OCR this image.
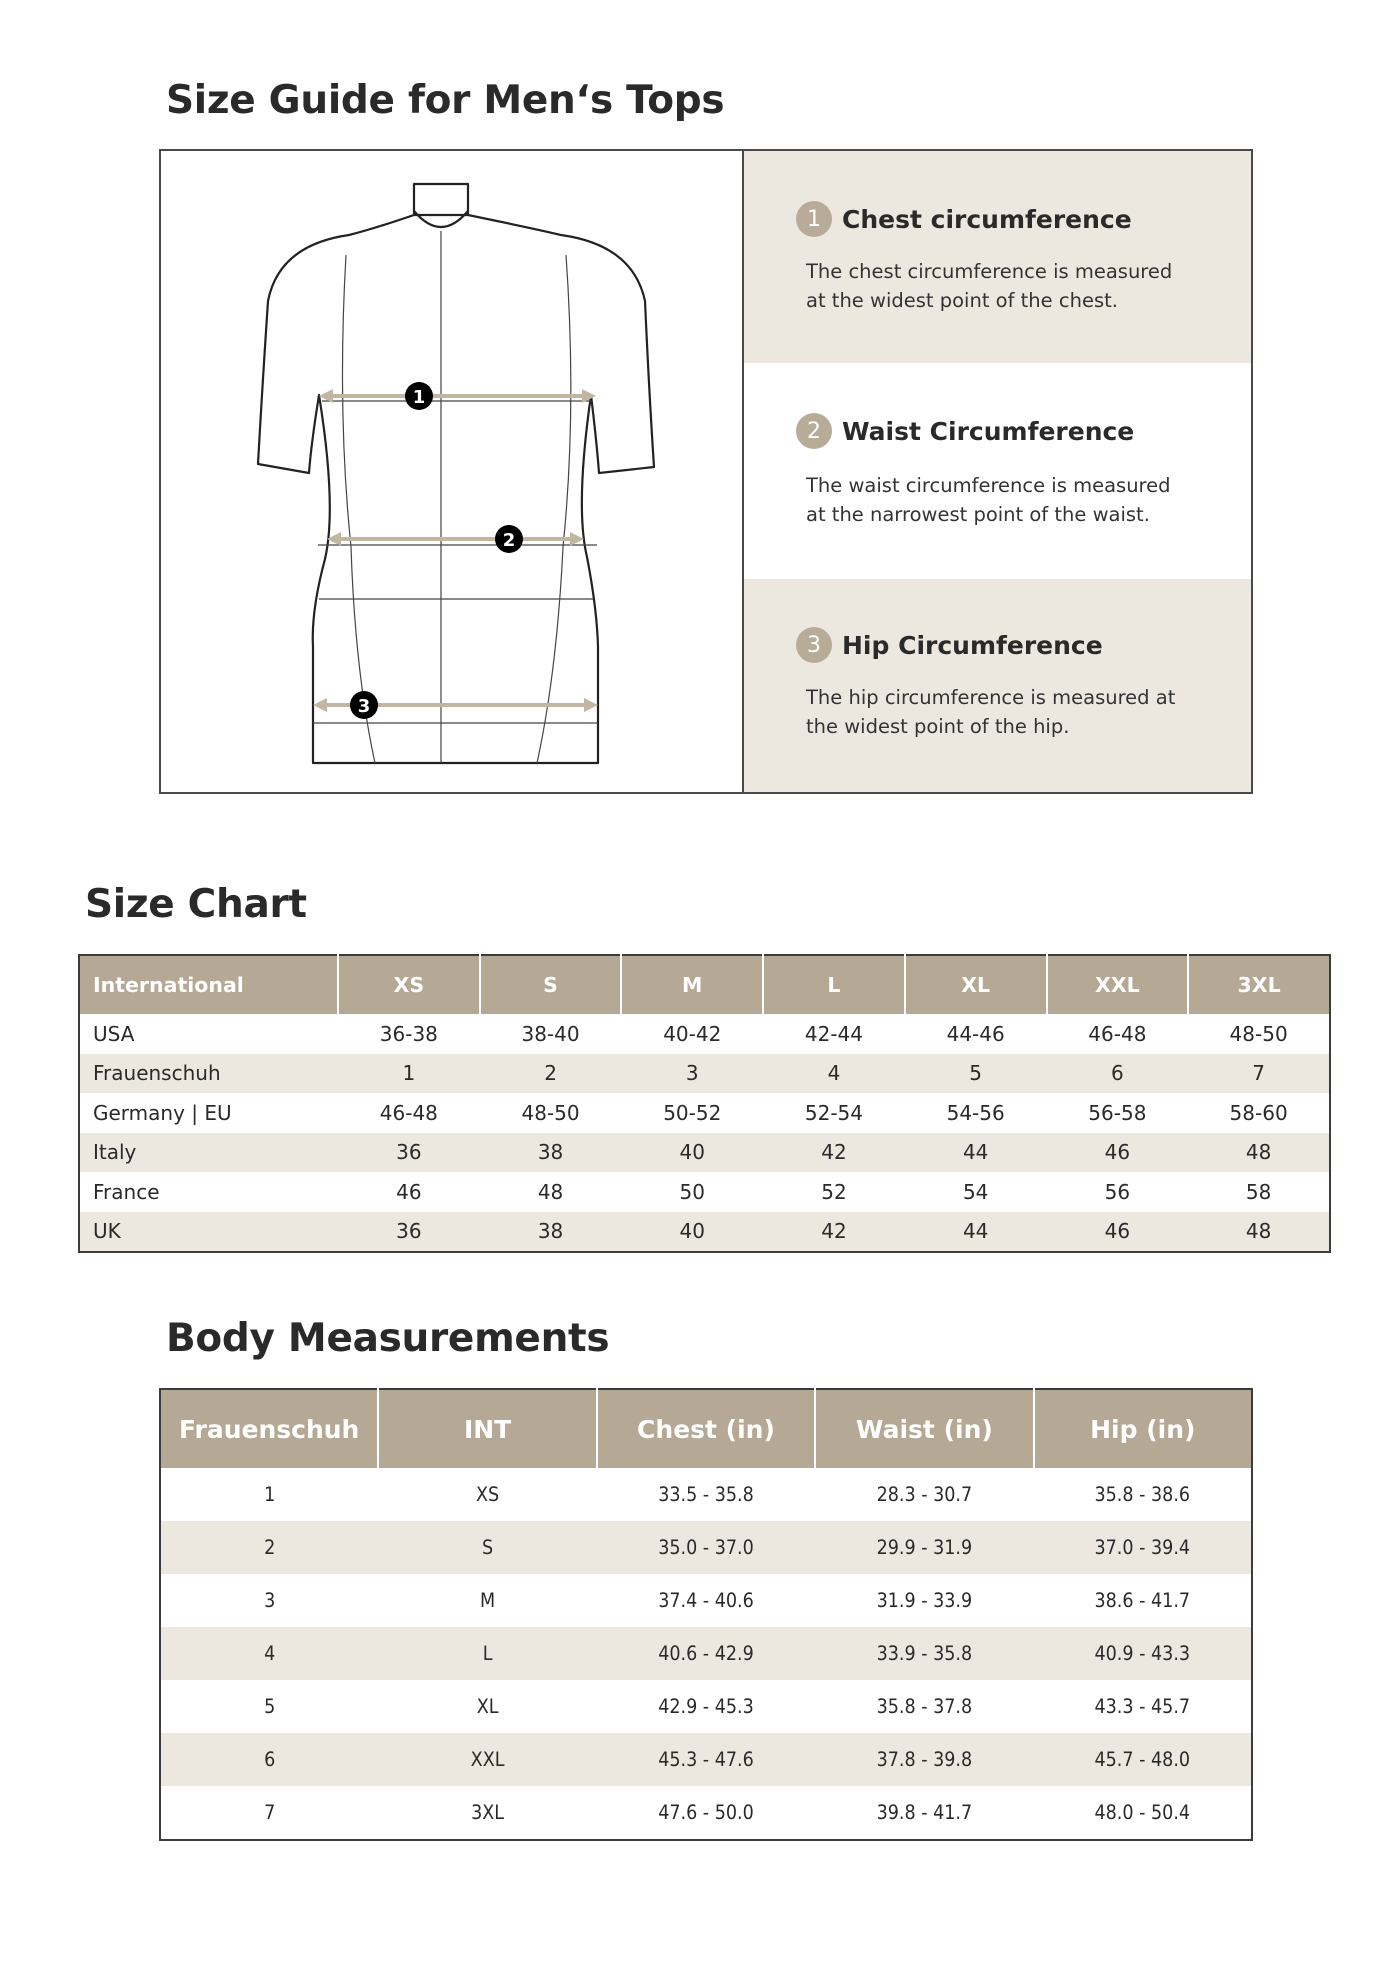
Size Guide for Men‘s Tops
1
2
3
1 Chest circumference
The chest circumference is measured at the widest point of the chest.
2 Waist Circumference
The waist circumference is measured at the narrowest point of the waist.
3 Hip Circumference
The hip circumference is measured at the widest point of the hip.
Size Chart
International	XS	S	M	L	XL	XXL	3XL
USA	36-38	38-40	40-42	42-44	44-46	46-48	48-50
Frauenschuh	1	2	3	4	5	6	7
Germany | EU	46-48	48-50	50-52	52-54	54-56	56-58	58-60
Italy	36	38	40	42	44	46	48
France	46	48	50	52	54	56	58
UK	36	38	40	42	44	46	48
Body Measurements
Frauenschuh	INT	Chest (in)	Waist (in)	Hip (in)
1	XS	33.5 - 35.8	28.3 - 30.7	35.8 - 38.6
2	S	35.0 - 37.0	29.9 - 31.9	37.0 - 39.4
3	M	37.4 - 40.6	31.9 - 33.9	38.6 - 41.7
4	L	40.6 - 42.9	33.9 - 35.8	40.9 - 43.3
5	XL	42.9 - 45.3	35.8 - 37.8	43.3 - 45.7
6	XXL	45.3 - 47.6	37.8 - 39.8	45.7 - 48.0
7	3XL	47.6 - 50.0	39.8 - 41.7	48.0 - 50.4
